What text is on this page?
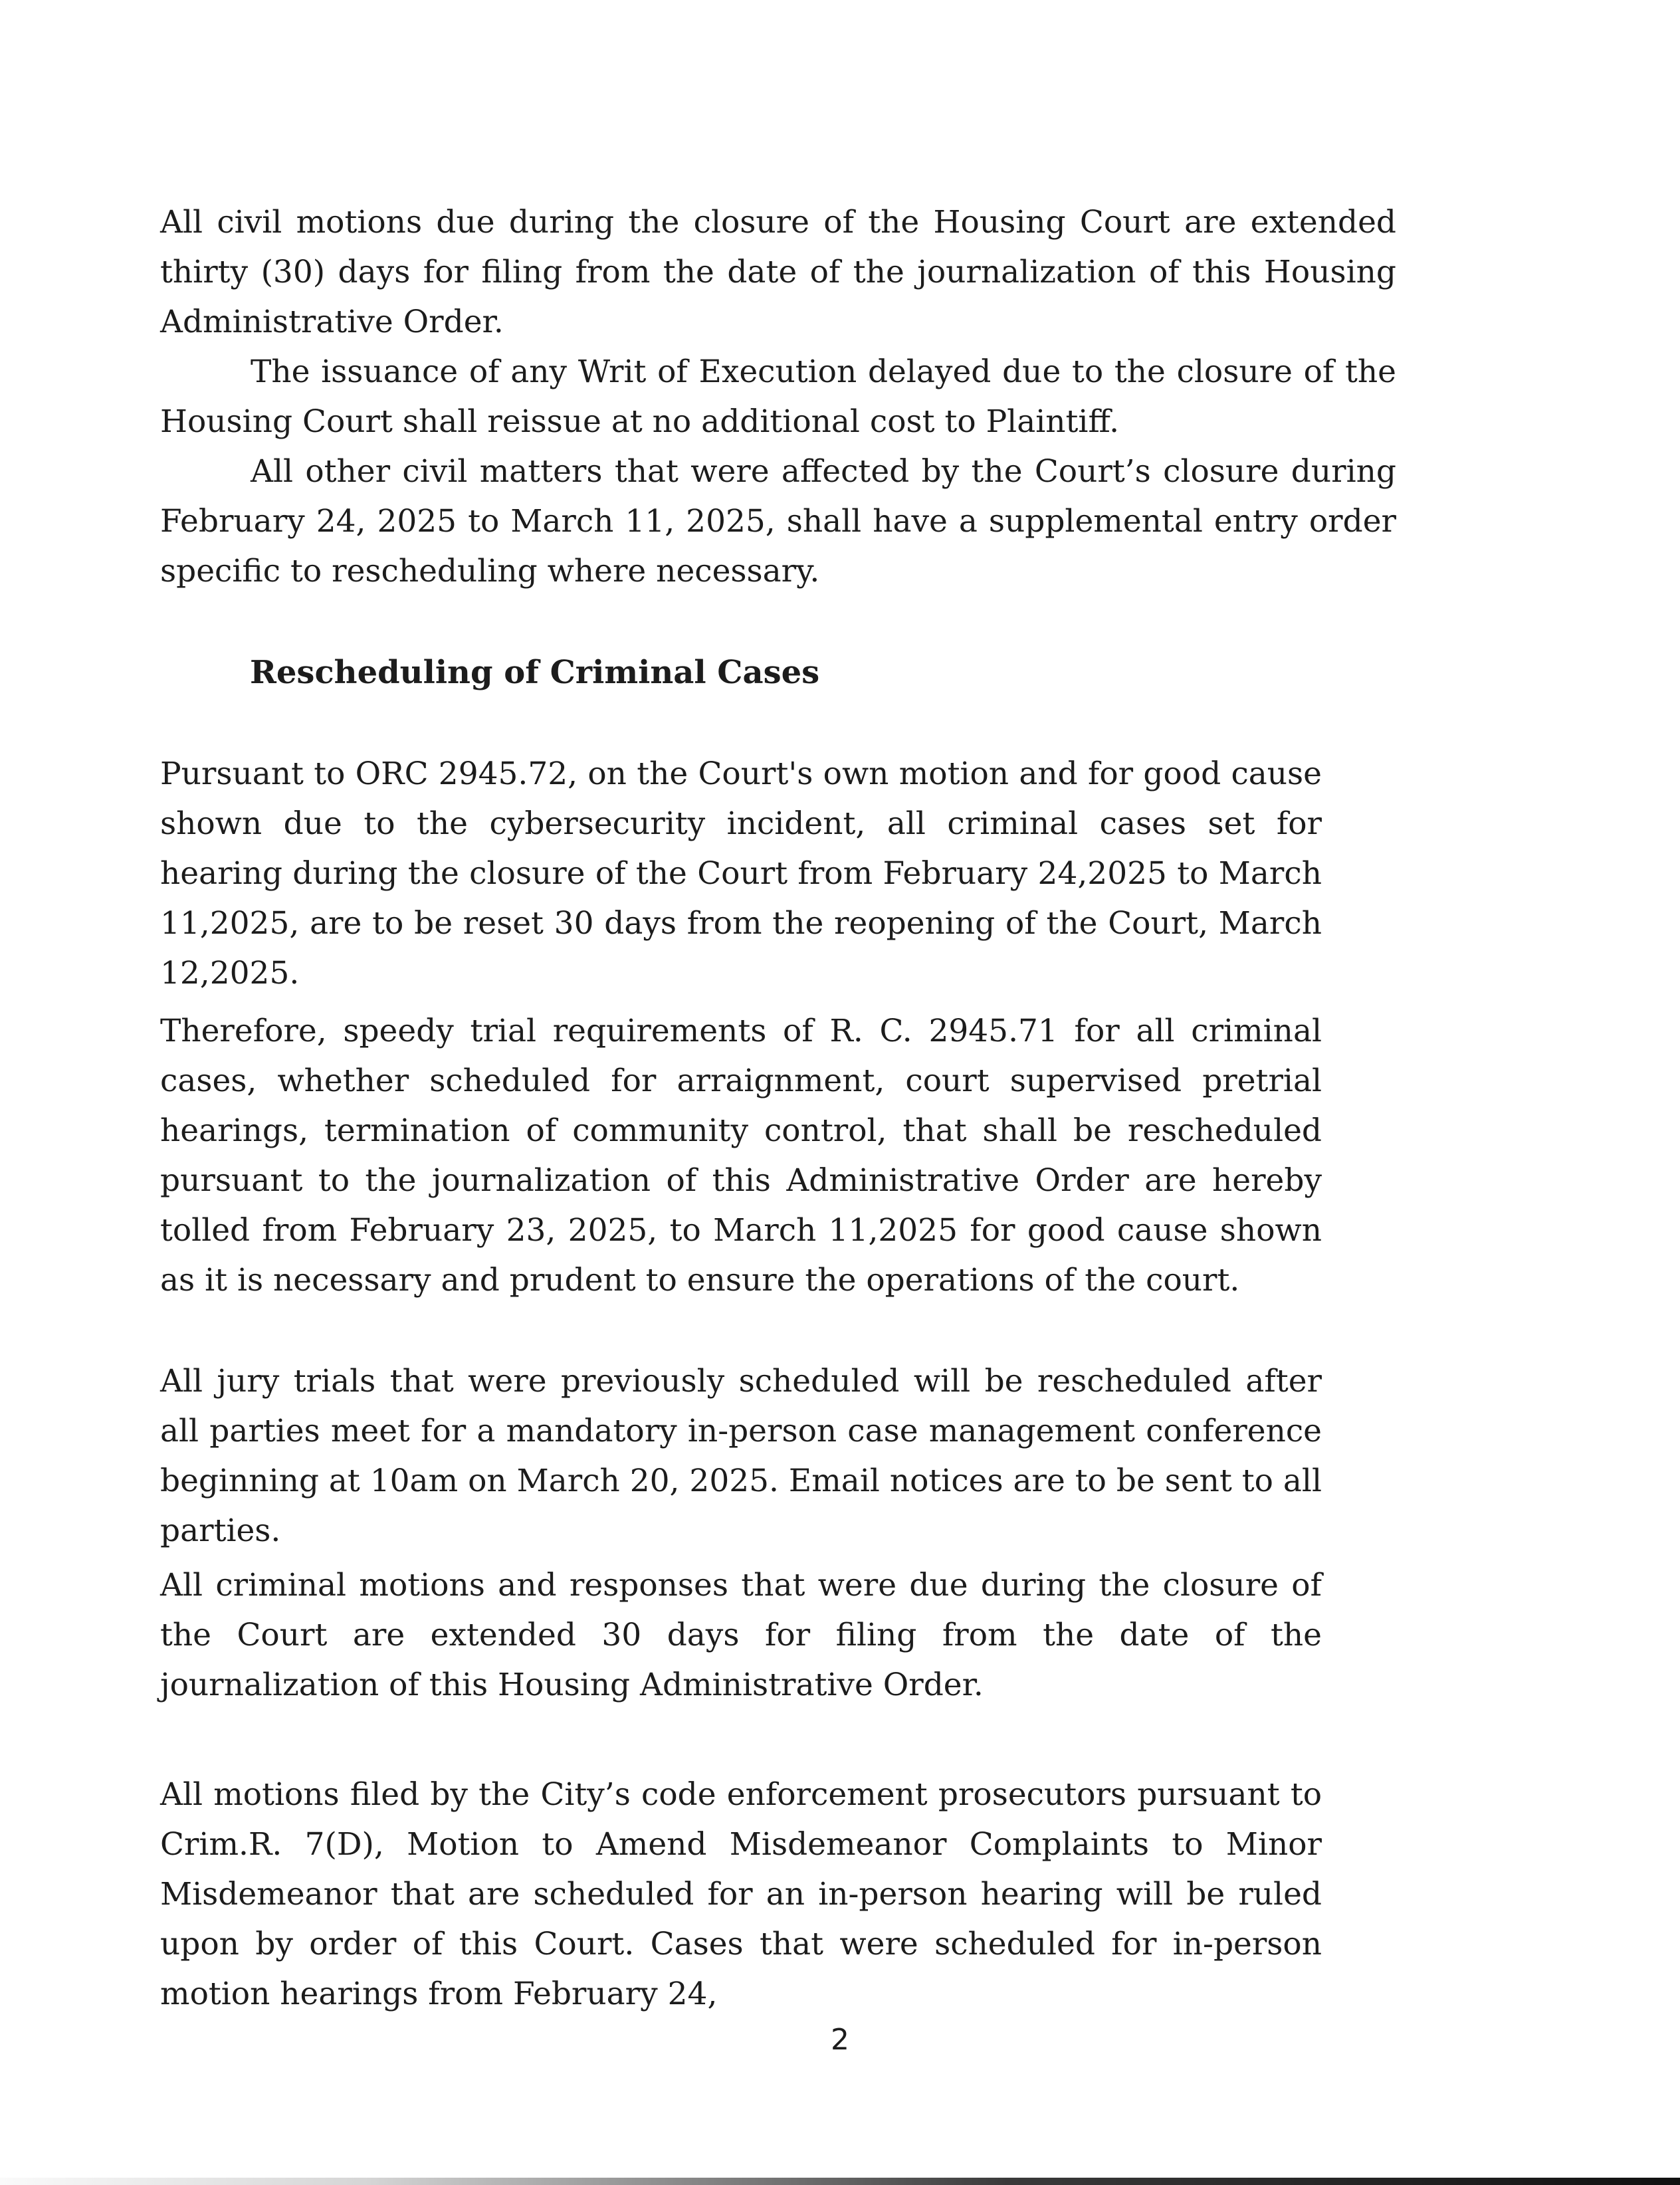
All civil motions due during the closure of the Housing Court are extended thirty (30) days for filing from the date of the journalization of this Housing Administrative Order.

The issuance of any Writ of Execution delayed due to the closure of the Housing Court shall reissue at no additional cost to Plaintiff.

All other civil matters that were affected by the Court’s closure during February 24, 2025 to March 11, 2025, shall have a supplemental entry order specific to rescheduling where necessary.

Rescheduling of Criminal Cases

Pursuant to ORC 2945.72, on the Court's own motion and for good cause shown due to the cybersecurity incident, all criminal cases set for hearing during the closure of the Court from February 24,2025 to March 11,2025, are to be reset 30 days from the reopening of the Court, March 12,2025.

Therefore, speedy trial requirements of R. C. 2945.71 for all criminal cases, whether scheduled for arraignment, court supervised pretrial hearings, termination of community control, that shall be rescheduled pursuant to the journalization of this Administrative Order are hereby tolled from February 23, 2025, to March 11,2025 for good cause shown as it is necessary and prudent to ensure the operations of the court.

All jury trials that were previously scheduled will be rescheduled after all parties meet for a mandatory in-person case management conference beginning at 10am on March 20, 2025. Email notices are to be sent to all parties.

All criminal motions and responses that were due during the closure of the Court are extended 30 days for filing from the date of the journalization of this Housing Administrative Order.

All motions filed by the City’s code enforcement prosecutors pursuant to Crim.R. 7(D), Motion to Amend Misdemeanor Complaints to Minor Misdemeanor that are scheduled for an in-person hearing will be ruled upon by order of this Court. Cases that were scheduled for in-person motion hearings from February 24,

2
